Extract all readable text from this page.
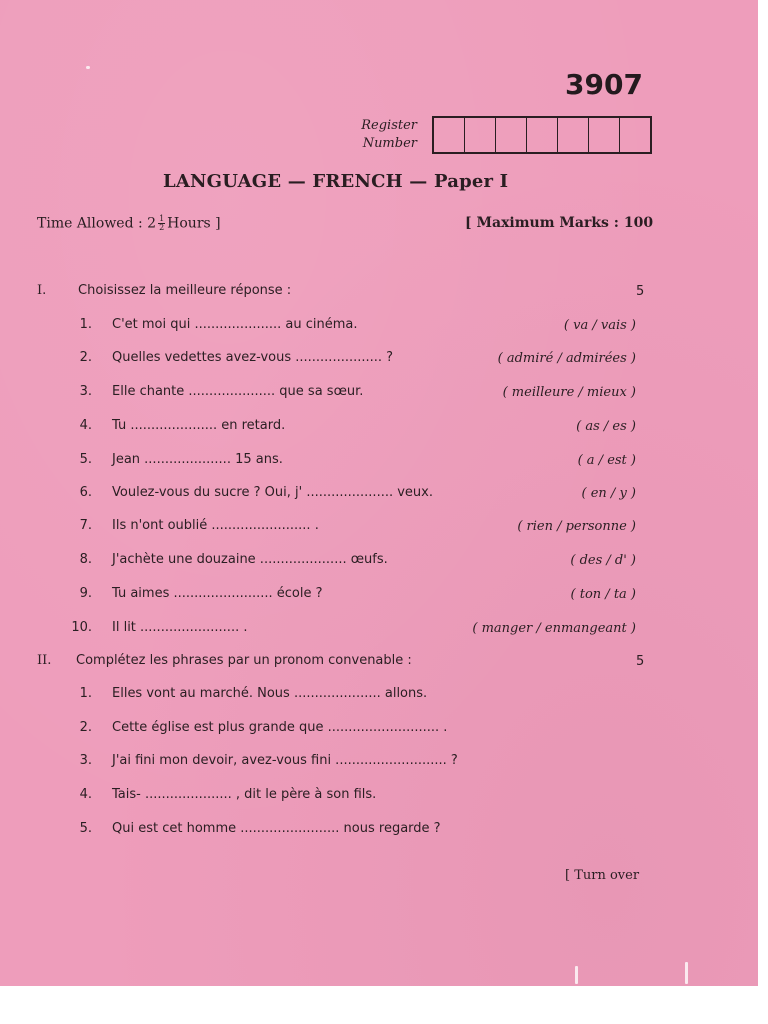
3907
Register
Number
LANGUAGE — FRENCH — Paper I
Time Allowed : $2 \frac{1}{2}$ Hours ]	[ Maximum Marks : 100
I. Choisissez la meilleure réponse :	5
1. C'et moi qui ..................... au cinéma.	( va / vais )
2. Quelles vedettes avez-vous ..................... ?	( admiré / admirées )
3. Elle chante ..................... que sa sœur.	( meilleure / mieux )
4. Tu ..................... en retard.	( as / es )
5. Jean ..................... 15 ans.	( a / est )
6. Voulez-vous du sucre ? Oui, j' ..................... veux.	( en / y )
7. Ils n'ont oublié ........................ .	( rien / personne )
8. J'achète une douzaine ..................... œufs.	( des / d' )
9. Tu aimes ........................ école ?	( ton / ta )
10. Il lit ........................ .	( manger / enmangeant )
II. Complétez les phrases par un pronom convenable :	5
1. Elles vont au marché. Nous ..................... allons.
2. Cette église est plus grande que ........................... .
3. J'ai fini mon devoir, avez-vous fini ........................... ?
4. Tais- ..................... , dit le père à son fils.
5. Qui est cet homme ........................ nous regarde ?
[ Turn over
